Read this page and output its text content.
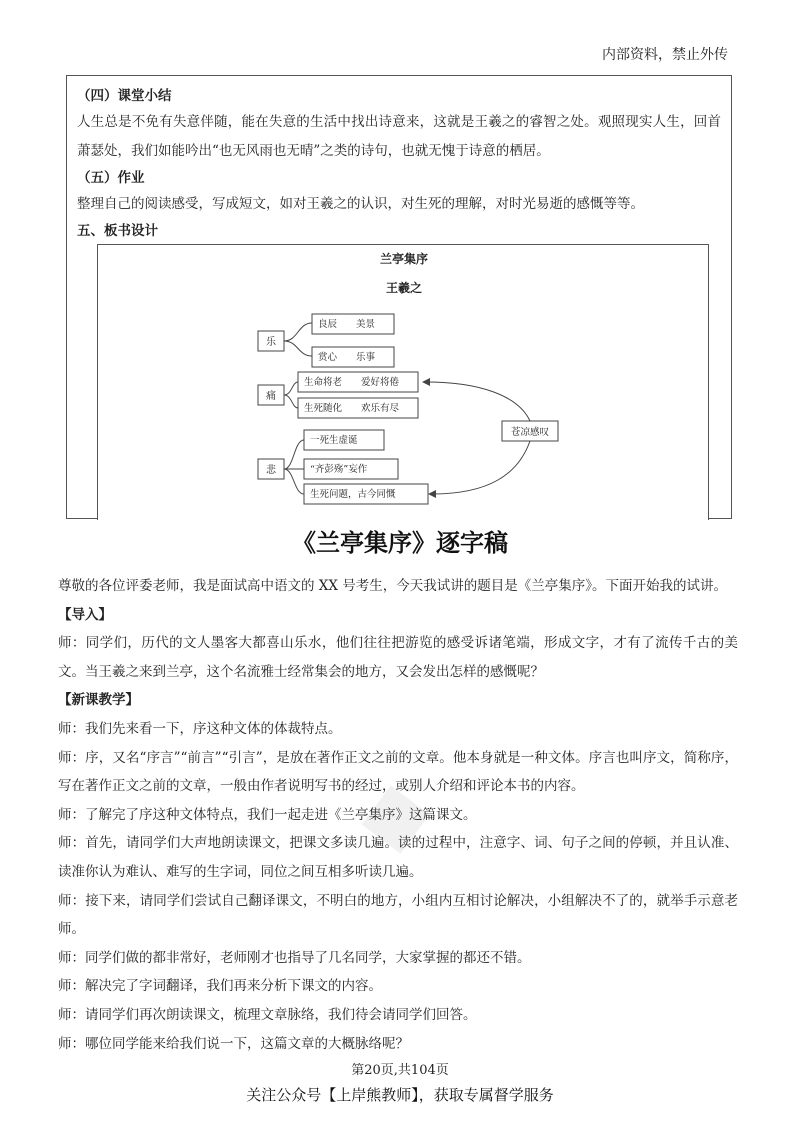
◆
内部资料，禁止外传

（四）课堂小结

人生总是不免有失意伴随，能在失意的生活中找出诗意来，这就是王羲之的睿智之处。观照现实人生，回首萧瑟处，我们如能吟出“也无风雨也无晴”之类的诗句，也就无愧于诗意的栖居。

（五）作业

整理自己的阅读感受，写成短文，如对王羲之的认识，对生死的理解，对时光易逝的感慨等等。

五、板书设计

兰亭集序
王羲之
乐
良辰　　美景
赏心　　乐事
痛
生命将老　　爱好将倦
生死随化　　欢乐有尽
悲
一死生虚诞
“齐彭殇”妄作
生死问题，古今同慨
苍凉感叹
《兰亭集序》逐字稿

尊敬的各位评委老师，我是面试高中语文的 XX 号考生，今天我试讲的题目是《兰亭集序》。下面开始我的试讲。

【导入】

师：同学们，历代的文人墨客大都喜山乐水，他们往往把游览的感受诉诸笔端，形成文字，才有了流传千古的美文。当王羲之来到兰亭，这个名流雅士经常集会的地方，又会发出怎样的感慨呢？

【新课教学】

师：我们先来看一下，序这种文体的体裁特点。

师：序，又名“序言”“前言”“引言”，是放在著作正文之前的文章。他本身就是一种文体。序言也叫序文，简称序，写在著作正文之前的文章，一般由作者说明写书的经过，或别人介绍和评论本书的内容。

师：了解完了序这种文体特点，我们一起走进《兰亭集序》这篇课文。

师：首先，请同学们大声地朗读课文，把课文多读几遍。读的过程中，注意字、词、句子之间的停顿，并且认准、读准你认为难认、难写的生字词，同位之间互相多听读几遍。

师：接下来，请同学们尝试自己翻译课文，不明白的地方，小组内互相讨论解决，小组解决不了的，就举手示意老师。

师：同学们做的都非常好，老师刚才也指导了几名同学，大家掌握的都还不错。

师：解决完了字词翻译，我们再来分析下课文的内容。

师：请同学们再次朗读课文，梳理文章脉络，我们待会请同学们回答。

师：哪位同学能来给我们说一下，这篇文章的大概脉络呢？

第20页,共104页
关注公众号【上岸熊教师】，获取专属督学服务
